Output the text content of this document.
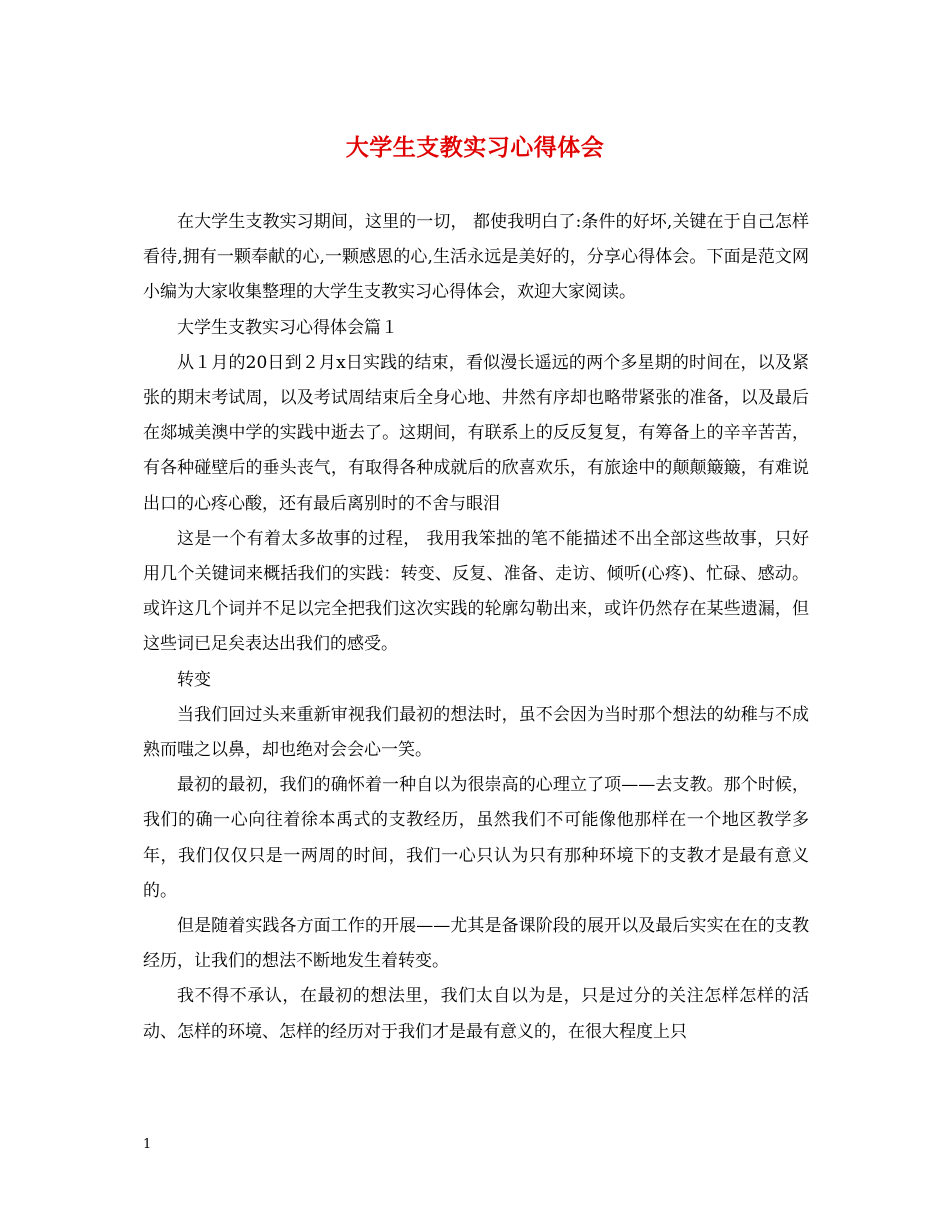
大学生支教实习心得体会

在大学生支教实习期间，这里的一切， 都使我明白了:条件的好坏,关键在于自己怎样看待,拥有一颗奉献的心,一颗感恩的心,生活永远是美好的，分享心得体会。下面是范文网小编为大家收集整理的大学生支教实习心得体会，欢迎大家阅读。

大学生支教实习心得体会篇１

从１月的20日到２月x日实践的结束，看似漫长遥远的两个多星期的时间在，以及紧张的期末考试周，以及考试周结束后全身心地、井然有序却也略带紧张的准备，以及最后在郯城美澳中学的实践中逝去了。这期间，有联系上的反反复复，有筹备上的辛辛苦苦，有各种碰壁后的垂头丧气，有取得各种成就后的欣喜欢乐，有旅途中的颠颠簸簸，有难说出口的心疼心酸，还有最后离别时的不舍与眼泪

这是一个有着太多故事的过程， 我用我笨拙的笔不能描述不出全部这些故事，只好用几个关键词来概括我们的实践：转变、反复、准备、走访、倾听(心疼)、忙碌、感动。或许这几个词并不足以完全把我们这次实践的轮廓勾勒出来，或许仍然存在某些遗漏，但这些词已足矣表达出我们的感受。

转变

当我们回过头来重新审视我们最初的想法时，虽不会因为当时那个想法的幼稚与不成熟而嗤之以鼻，却也绝对会会心一笑。

最初的最初，我们的确怀着一种自以为很崇高的心理立了项——去支教。那个时候，我们的确一心向往着徐本禹式的支教经历，虽然我们不可能像他那样在一个地区教学多年，我们仅仅只是一两周的时间，我们一心只认为只有那种环境下的支教才是最有意义的。

但是随着实践各方面工作的开展——尤其是备课阶段的展开以及最后实实在在的支教经历，让我们的想法不断地发生着转变。

我不得不承认，在最初的想法里，我们太自以为是，只是过分的关注怎样怎样的活动、怎样的环境、怎样的经历对于我们才是最有意义的，在很大程度上只

1
